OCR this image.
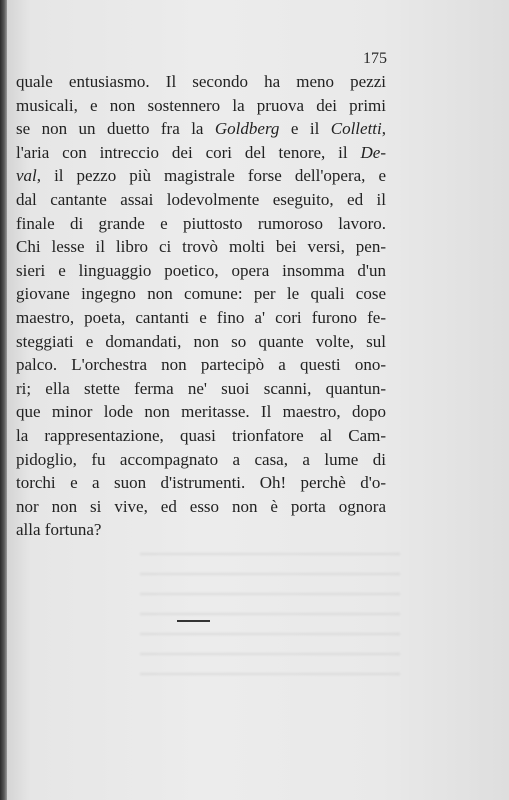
175
quale entusiasmo. Il secondo ha meno pezzi
musicali, e non sostennero la pruova dei primi
se non un duetto fra la Goldberg e il Colletti,
l'aria con intreccio dei cori del tenore, il De-
val, il pezzo più magistrale forse dell'opera, e
dal cantante assai lodevolmente eseguito, ed il
finale di grande e piuttosto rumoroso lavoro.
Chi lesse il libro ci trovò molti bei versi, pen-
sieri e linguaggio poetico, opera insomma d'un
giovane ingegno non comune: per le quali cose
maestro, poeta, cantanti e fino a' cori furono fe-
steggiati e domandati, non so quante volte, sul
palco. L'orchestra non partecipò a questi ono-
ri; ella stette ferma ne' suoi scanni, quantun-
que minor lode non meritasse. Il maestro, dopo
la rappresentazione, quasi trionfatore al Cam-
pidoglio, fu accompagnato a casa, a lume di
torchi e a suon d'istrumenti. Oh! perchè d'o-
nor non si vive, ed esso non è porta ognora
alla fortuna?
